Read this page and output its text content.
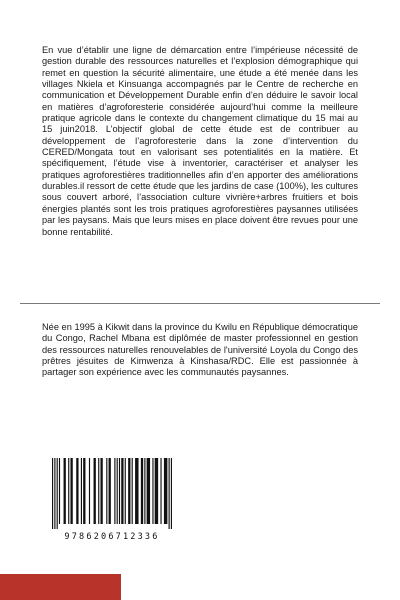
En vue d’établir une ligne de démarcation entre l’impérieuse nécessité de gestion durable des ressources naturelles et l’explosion démographique qui remet en question la sécurité alimentaire, une étude a été menée dans les villages Nkiela et Kinsuanga accompagnés par le Centre de recherche en communication et Développement Durable enfin d’en déduire le savoir local en matières d’agroforesterie considérée aujourd’hui comme la meilleure pratique agricole dans le contexte du changement climatique du 15 mai au 15 juin2018. L’objectif global de cette étude est de contribuer au développement de l’agroforesterie dans la zone d’intervention du CERED/Mongata tout en valorisant ses potentialités en la matière. Et spécifiquement, l’étude vise à inventorier, caractériser et analyser les pratiques agroforestières traditionnelles afin d’en apporter des améliorations durables.il ressort de cette étude que les jardins de case (100%), les cultures sous couvert arboré, l’association culture vivrière+arbres fruitiers et bois énergies plantés sont les trois pratiques agroforestières paysannes utilisées par les paysans. Mais que leurs mises en place doivent être revues pour une bonne rentabilité.

Née en 1995 à Kikwit dans la province du Kwilu en République démocratique du Congo, Rachel Mbana est diplômée de master professionnel en gestion des ressources naturelles renouvelables de l'université Loyola du Congo des prêtres jésuites de Kimwenza à Kinshasa/RDC. Elle est passionnée à partager son expérience avec les communautés paysannes.

9786206712336
